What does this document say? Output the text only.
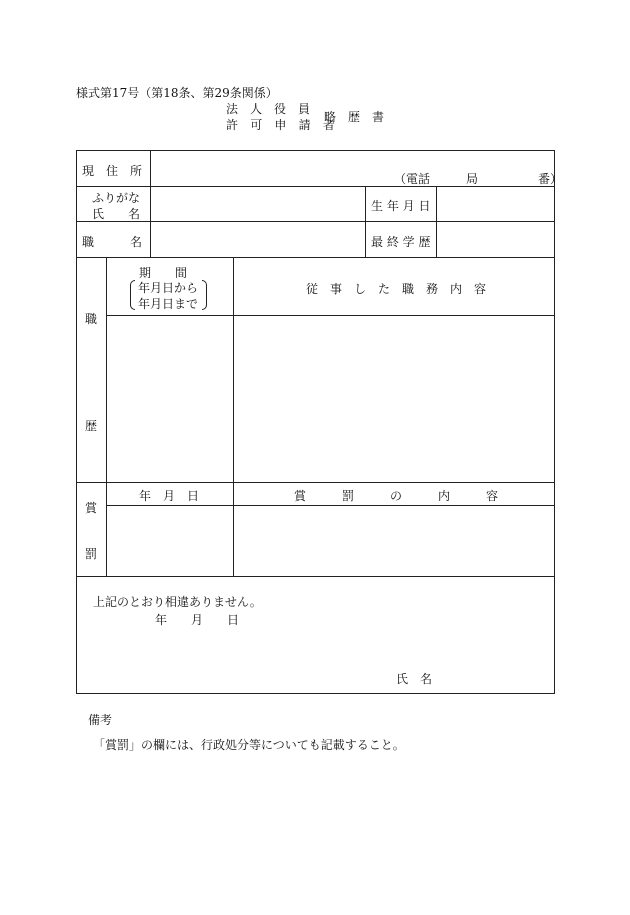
様式第17号（第18条、第29条関係）
法　人　役　員
許 可 申 請 者
略　歴　書
現　住　所
（電話　　　局　　　　　番）
ふりがな
氏　　名
生 年 月 日
職　　　名	最 終 学 歴
職
歴
期　　間
年月日から
年月日まで
従　事　し　た　職　務　内　容
賞
罰
年　月　日	賞　　　罰　　　の　　　内　　　容
上記のとおり相違ありません。
年　　月　　日
氏　名
備考
「賞罰」の欄には、行政処分等についても記載すること。
